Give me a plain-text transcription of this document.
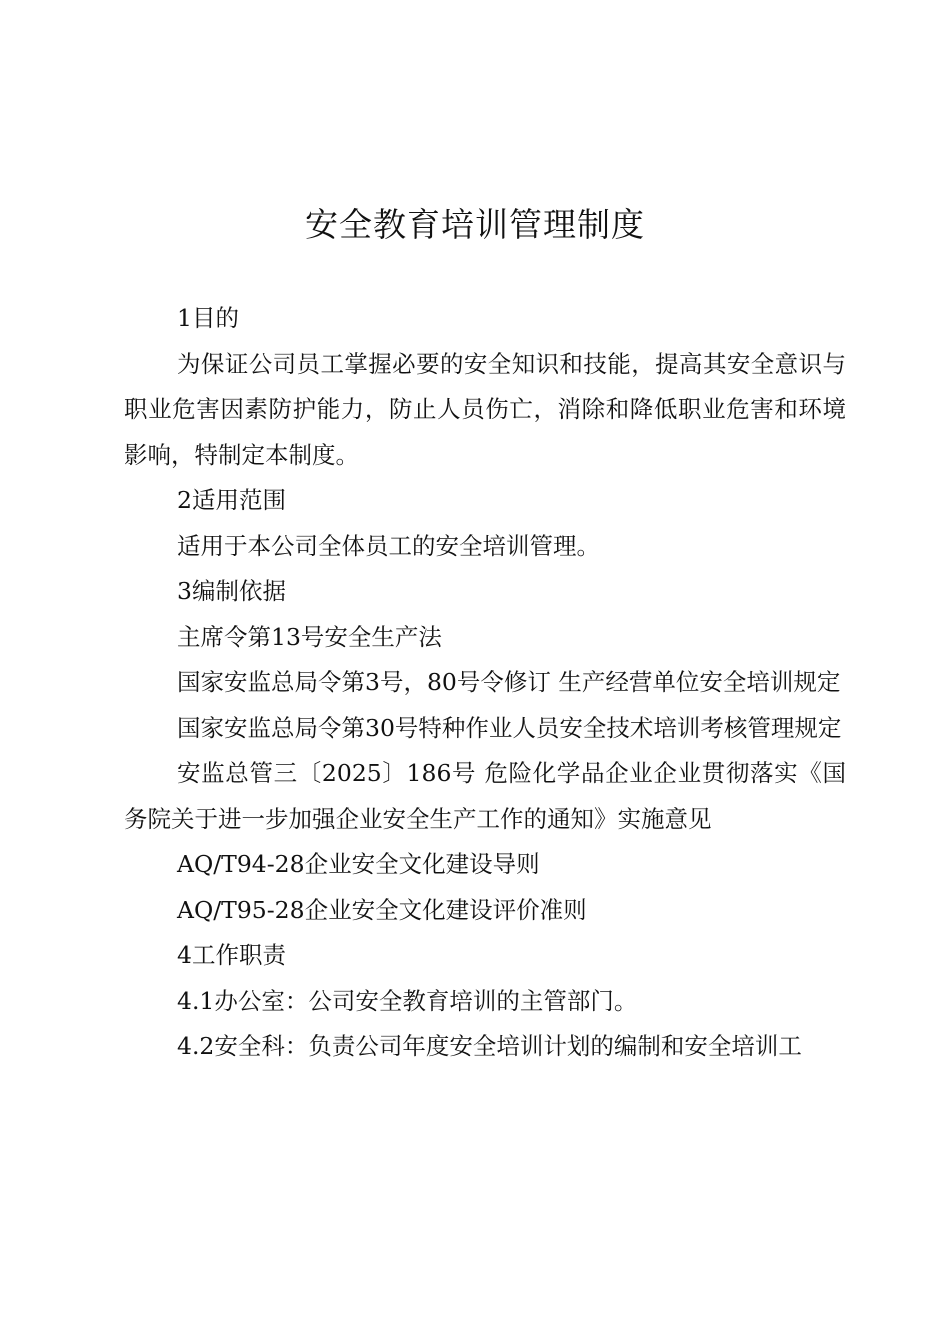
安全教育培训管理制度

1目的

为保证公司员工掌握必要的安全知识和技能，提高其安全意识与职业危害因素防护能力，防止人员伤亡，消除和降低职业危害和环境影响，特制定本制度。

2适用范围

适用于本公司全体员工的安全培训管理。

3编制依据

主席令第13号安全生产法

国家安监总局令第3号，80号令修订 生产经营单位安全培训规定

国家安监总局令第30号特种作业人员安全技术培训考核管理规定

安监总管三〔2025〕186号 危险化学品企业企业贯彻落实《国务院关于进一步加强企业安全生产工作的通知》实施意见

AQ/T94-28企业安全文化建设导则

AQ/T95-28企业安全文化建设评价准则

4工作职责

4.1办公室：公司安全教育培训的主管部门。

4.2安全科：负责公司年度安全培训计划的编制和安全培训工
